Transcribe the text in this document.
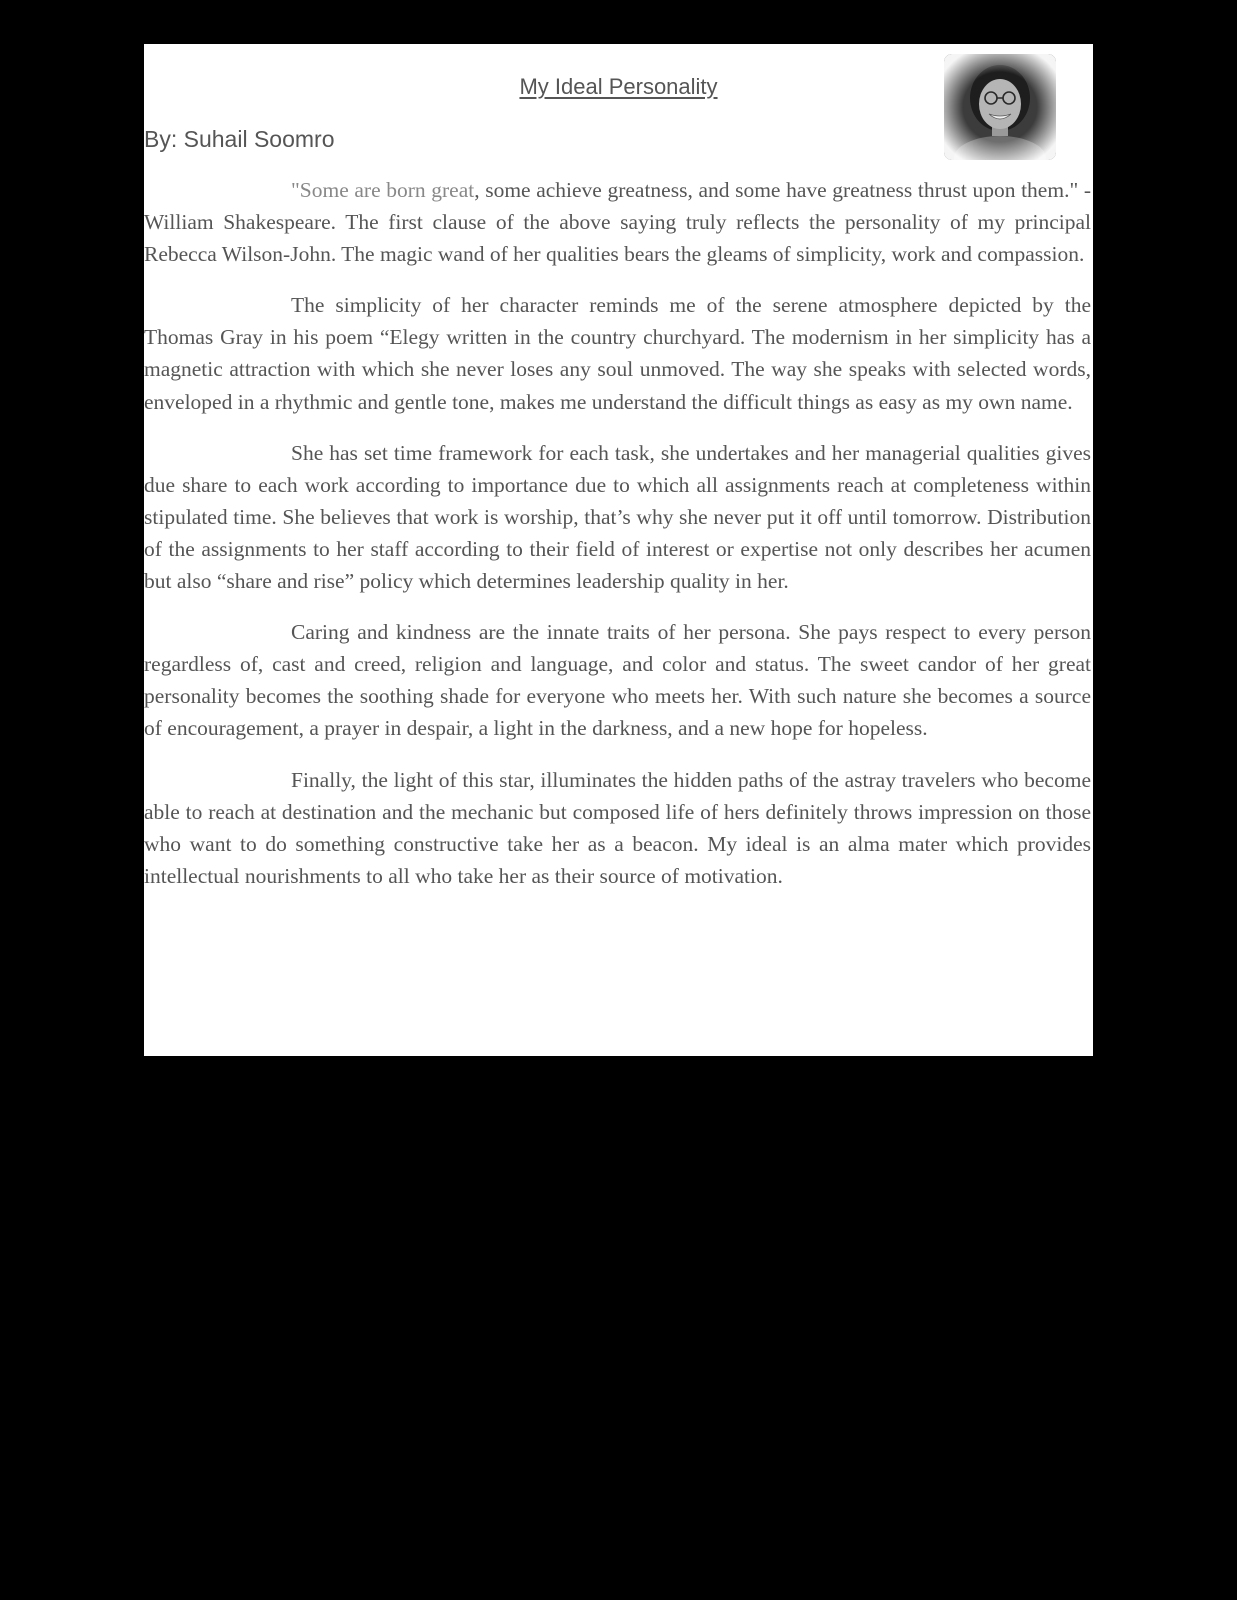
My Ideal Personality
By: Suhail Soomro

"Some are born great, some achieve greatness, and some have greatness thrust upon them." - William Shakespeare. The first clause of the above saying truly reflects the personality of my principal Rebecca Wilson-John. The magic wand of her qualities bears the gleams of simplicity, work and compassion.

The simplicity of her character reminds me of the serene atmosphere depicted by the Thomas Gray in his poem “Elegy written in the country churchyard. The modernism in her simplicity has a magnetic attraction with which she never loses any soul unmoved. The way she speaks with selected words, enveloped in a rhythmic and gentle tone, makes me understand the difficult things as easy as my own name.

She has set time framework for each task, she undertakes and her managerial qualities gives due share to each work according to importance due to which all assignments reach at completeness within stipulated time. She believes that work is worship, that’s why she never put it off until tomorrow. Distribution of the assignments to her staff according to their field of interest or expertise not only describes her acumen but also “share and rise” policy which determines leadership quality in her.

Caring and kindness are the innate traits of her persona. She pays respect to every person regardless of, cast and creed, religion and language, and color and status. The sweet candor of her great personality becomes the soothing shade for everyone who meets her. With such nature she becomes a source of encouragement, a prayer in despair, a light in the darkness, and a new hope for hopeless.

Finally, the light of this star, illuminates the hidden paths of the astray travelers who become able to reach at destination and the mechanic but composed life of hers definitely throws impression on those who want to do something constructive take her as a beacon. My ideal is an alma mater which provides intellectual nourishments to all who take her as their source of motivation.
